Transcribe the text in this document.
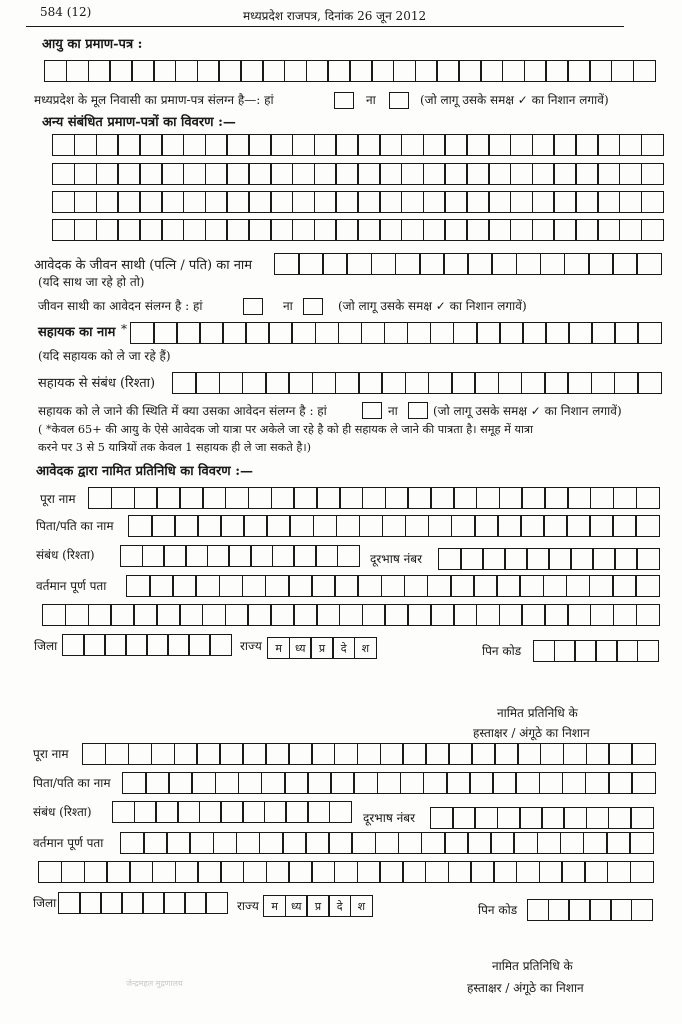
584 (12)	मध्यप्रदेश राजपत्र, दिनांक 26 जून 2012
आयु का प्रमाण-पत्र :
मध्यप्रदेश के मूल निवासी का प्रमाण-पत्र संलग्न है—: हां	ना	(जो लागू उसके समक्ष ✓ का निशान लगावें)
अन्य संबंधित प्रमाण-पत्रों का विवरण :—
आवेदक के जीवन साथी (पत्नि / पति) का नाम
(यदि साथ जा रहे हो तो)
जीवन साथी का आवेदन संलग्न है : हां	ना	(जो लागू उसके समक्ष ✓ का निशान लगावें)
सहायक का नाम *
(यदि सहायक को ले जा रहे हैं)
सहायक से संबंध (रिश्ता)
सहायक को ले जाने की स्थिति में क्या उसका आवेदन संलग्न है : हां	ना	(जो लागू उसके समक्ष ✓ का निशान लगावें)
( *केवल 65+ की आयु के ऐसे आवेदक जो यात्रा पर अकेले जा रहे है को ही सहायक ले जाने की पात्रता है। समूह में यात्रा
करने पर 3 से 5 यात्रियों तक केवल 1 सहायक ही ले जा सकते है।)
आवेदक द्वारा नामित प्रतिनिधि का विवरण :—
पूरा नाम
पिता/पति का नाम
संबंध (रिश्ता)	दूरभाष नंबर
वर्तमान पूर्ण पता
जिला	राज्य	म	ध्य	प्र	दे	श	पिन कोड
नामित प्रतिनिधि के
हस्ताक्षर / अंगूठे का निशान
पूरा नाम
पिता/पति का नाम
संबंध (रिश्ता)	दूरभाष नंबर
वर्तमान पूर्ण पता
जिला	राज्य	म	ध्य	प्र	दे	श	पिन कोड
नामित प्रतिनिधि के
हस्ताक्षर / अंगूठे का निशान
जेन्द्रमहल मुद्रणालय
